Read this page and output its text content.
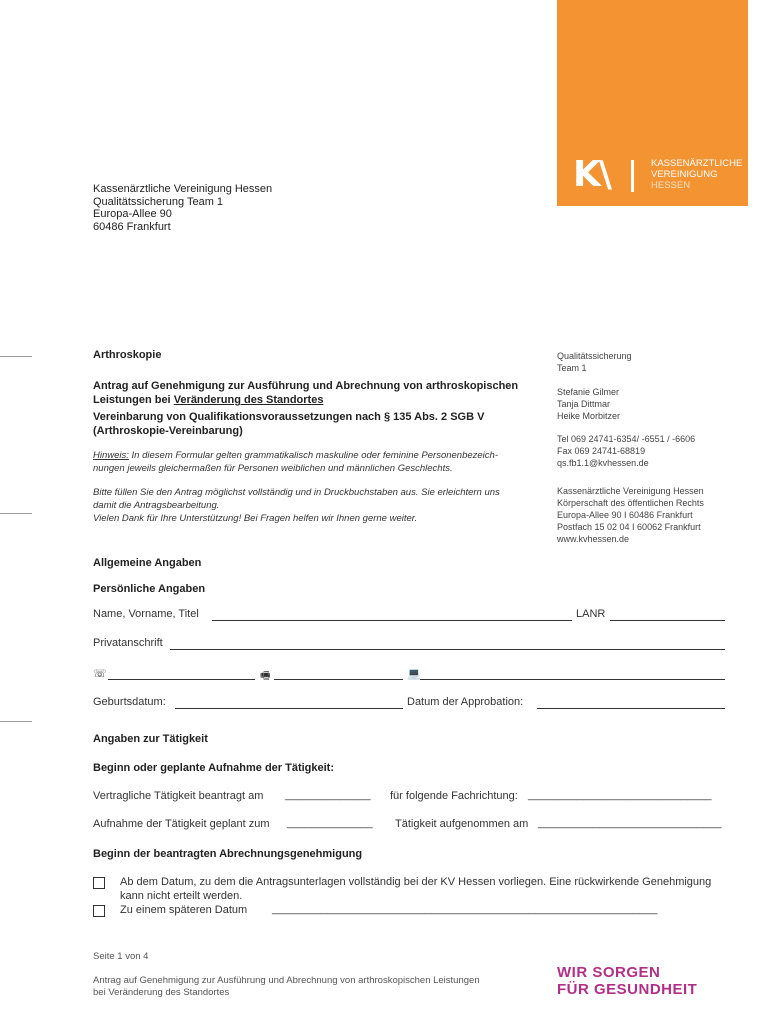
K\	KASSENÄRZTLICHE
VEREINIGUNG
HESSEN
Kassenärztliche Vereinigung Hessen
Qualitätssicherung Team 1
Europa-Allee 90
60486 Frankfurt
Arthroskopie
Antrag auf Genehmigung zur Ausführung und Abrechnung von arthroskopischen
Leistungen bei Veränderung des Standortes
Vereinbarung von Qualifikationsvoraussetzungen nach § 135 Abs. 2 SGB V
(Arthroskopie-Vereinbarung)
Hinweis: In diesem Formular gelten grammatikalisch maskuline oder feminine Personenbezeich-
nungen jeweils gleichermaßen für Personen weiblichen und männlichen Geschlechts.
Bitte füllen Sie den Antrag möglichst vollständig und in Druckbuchstaben aus. Sie erleichtern uns
damit die Antragsbearbeitung.
Vielen Dank für Ihre Unterstützung! Bei Fragen helfen wir Ihnen gerne weiter.
Qualitätssicherung
Team 1
Stefanie Gilmer
Tanja Dittmar
Heike Morbitzer
Tel 069 24741-6354/ -6551 / -6606
Fax 069 24741-68819
qs.fb1.1@kvhessen.de
Kassenärztliche Vereinigung Hessen
Körperschaft des öffentlichen Rechts
Europa-Allee 90 I 60486 Frankfurt
Postfach 15 02 04 I 60062 Frankfurt
www.kvhessen.de
Allgemeine Angaben
Persönliche Angaben
Name, Vorname, Titel	LANR
Privatanschrift
☏	🖷	💻
Geburtsdatum:	Datum der Approbation:
Angaben zur Tätigkeit
Beginn oder geplante Aufnahme der Tätigkeit:
Vertragliche Tätigkeit beantragt am ______________ für folgende Fachrichtung: ______________________________
Aufnahme der Tätigkeit geplant zum ______________ Tätigkeit aufgenommen am ______________________________
Beginn der beantragten Abrechnungsgenehmigung
Ab dem Datum, zu dem die Antragsunterlagen vollständig bei der KV Hessen vorliegen. Eine rückwirkende Genehmigung
kann nicht erteilt werden.
Zu einem späteren Datum _______________________________________________________________
Seite 1 von 4
Antrag auf Genehmigung zur Ausführung und Abrechnung von arthroskopischen Leistungen
bei Veränderung des Standortes
WIR SORGEN
FÜR GESUNDHEIT
